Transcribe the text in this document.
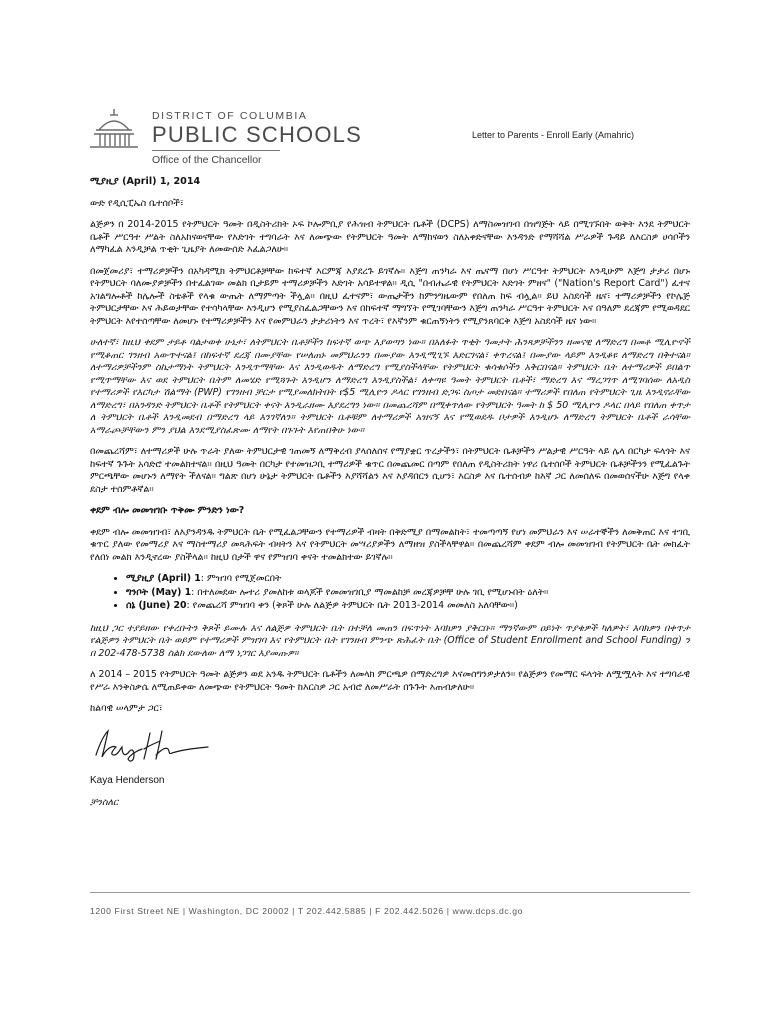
DISTRICT OF COLUMBIA
PUBLIC SCHOOLS
Office of the Chancellor
Letter to Parents - Enroll Early (Amahric)

ሚያዚያ (April) 1, 2014

ውድ የዲሲፒኤስ ቤተሰቦች፣

ልጅዎን በ 2014-2015 የትምህርት ዓመት በዲስትሪክት ኦፍ ኮሎምቢያ የሕዝብ ትምህርት ቤቶች (DCPS) ለማስመዝገብ በዝግጅት ላይ በሚገኙበት ወቅት እንደ ትምህርት ቤቶች ሥርዓተ ሥልት ስለአከናወናቸው የእድገት ተግባራት እና ለመጭው የትምህርት ዓመት ለማከናወን ስለአቀድናቸው እንዳንድ የማሻሻል ሥራዎች ጉዳይ ለእርስዎ ሀሳቦችን ለማካፈል እንዲቻል ጥቂት ጊዜያት ለመውሰድ እፈልጋለሁ።

በመጀመሪያ፣ ተማሪዎቻችን በአካዳሚክ ትምህርቶቻቸው ከፍተኛ እርምጃ እያደረጉ ይገኛሉ። እጅግ ጠንካራ እና ጤናማ በሆነ ሥርዓተ ትምህርት እንዲሁም እጅግ ታታሪ በሆኑ የትምህርት ባለሙያዎቻችን በተፈልገው መልክ ቢታይም ተማሪዎቻችን እድገት አሳይተዋል። ዲሲ "በብሔራዊ የትምህርት እድገት ምዘና" ("Nation's Report Card") ፈተና አገልግሎቶች ከሌሎች ስቴቶች የላቁ ውጤት ለማምጣት ችሏል። በዚህ ፈተናም፣ ውጤታችን ከምንግዜውም የበለጠ ከፍ ብሏል። ይህ አስደሳች ዜና፣ ተማሪዎቻችን የኮሌጅ ትምህርታቸው እና ሕይወታቸው የተሳካላቸው እንዲሆን የሚያስፈልጋቸውን እና በከፍተኛ ማግኘት የሚገባቸውን እጅግ ጠንካራ ሥርዓተ ትምህርት እና በዓለም ደረጃም የሚወዳደር ትምህርት እየተሰጣቸው ለመሆኑ የተማሪዎቻችን እና የመምህራን ታታሪነትን እና ጥረት፣ የእኛንም ቁርጠኝነትን የሚያንጸባርቅ እጅግ አስደሳች ዜና ነው።

ሁለተኛ፣ ከዚህ ቀደም ታይቶ ባልታወቀ ሁኔታ፣ ለትምህርት ቤቶቻችን ከፍተኛ ወጭ እያወጣን ነው። በአለፉት ጥቂት ዓመታት ሕንጻዎቻችንን ዘመናዊ ለማድረግ በመቶ ሚሊዮኖች የሚቆጠር ገንዘብ አውጥተናል፤ በከፍተኛ ደረጃ በሙያቸው የሠለጠኑ መምህራንን በሙያው እንዲሚጊኙ እድርገናል፣ ቀጥረናል፤ በሙያው ላይም እንዲቆዩ ለማድረግ በቅተናል። ለተማሪዎቻችንም ስኬታማነት ትምህርት እንዲጥማቸው እና እንዲወዱት ለማድረግ የሚያስችላቸው የትምህርት ቁሳቁሶችን አቅርበናል። ትምህርት ቤት ለተማሪዎች ይበልጥ የሚጥማቸው እና ወደ ትምህርት ቤትም ለመሄድ የሚጓጉት እንዲሆን ለማድረግ እንዲያስችል፣ ለቀጣዩ ዓመት ትምህርት ቤቶች፣ ማድረግ እና ማረጋገጥ ለሚገባሰው ለአዲስ የተማሪዎች የእርካታ ሽልማት (PWP) የገንዘብ ቻርታ የሚያመለክትበት የ$5 ሚሊዮን ዶላር የገንዘብ ድጋፍ ስጦታ መድበናል። ተማሪዎች የበለጠ የትምህርት ጊዜ እንዲኖራቸው ለማድረግ፣ በአንዳንድ ትምህርት ቤቶች የትምህርት ቀናት እንዲራዘሙ እያደረግን ነው። በመጨረሻም በሚቀጥለው የትምህርት ዓመት ከ $ 50 ሚሊዮን ዶላር በላይ የበለጠ ቀጥታ ለ ትምህርት ቤቶች እንዲመደብ በማድረግ ላይ እንገኛለን። ትምህርት ቤቶቹም ለተማሪዎች አዝናኝ እና የሚወደዱ ቦታዎች እንዲሆኑ ለማድረግ ትምህርት ቤቶች ራሳቸው አማራጮቻቸውን ምን ያህል እንደሚያስፈጽሙ ለማየት በጉጉት እየጠበቅሁ ነው።

በመጨረሻም፣ ለተማሪዎች ሁሉ ጥራት ያለው ትምህርታዊ ገጠመኝ ለማቅረብ ያላሰለሰና የማያቋር ጥረታችን፣ በትምህርት ቤቶቻችን ሥልታዊ ሥርዓት ላይ ሌላ በርካታ ፍላጎት እና ከፍተኛ ጉጉት አሳድሮ ተመልክተናል። በዚህ ዓመት በርካታ የተመዝጋቢ ተማሪዎች ቁጥር በመጨመር በጣም የበለጠ የዲስትሪክት ነዋሪ ቤተሰቦች ትምህርት ቤቶቻችንን የሚፈልጉት ምርጫቸው መሆኑን ለማየት ችለናል። ግልጽ በሆነ ሁኔታ ትምህርት ቤቶችን እያሻሻልን እና እያዳበርን ሲሆን፣ እርስዎ እና ቤተሰብዎ ከእኛ ጋር ለመሰለፍ በመወሰናችሁ እጅግ የላቀ ደስታ ተሰምቶኛል።

ቀደም ብሎ መመዝገቡ ጥቅሙ ምንድን ነው?

ቀደም ብሎ መመዝገብ፣ ለእያንዳንዱ ትምህርት ቤት የሚፈልጋቸውን የተማሪዎች ብዛት በቅድሚያ በማመልከት፣ ተመጣጣኝ የሆነ መምህራን እና ሠራተኞችን ለመቅጠር እና ተገቢ ቁጥር ያለው የመማሪያ እና ማስተማሪያ መጻሕፍት ብዛትን እና የትምህርት መሣሪያዎችን ለማዘዝ ያስችላቸዋል። በመጨረሻም ቀደም ብሎ መመዝገብ የትምህርት ቤት መክፈት የለበነ መልክ እንዲኖረው ያስችላል። ከዚህ በታች ዋና የምዝገባ ቀናት ተመልክተው ይገኛሉ።

• ሚያዚያ (April) 1: ምዝገባ የሚጀመርበት
• ግንቦት (May) 1: በተለመደው ሎተሪ ያመለከቱ ወላጆች የመመዝገቢያ ማመልከቻ መረጃዎቻቸ ሁሉ ገቢ የሚሆኑበት ዕለት።
• ሰኔ (June) 20: የመጨረሻ ምዝገባ ቀን (ቅጾች ሁሉ ለልጅዎ ትምህርት ቤት 2013-2014 መመለስ አለባቸው።)

ከዚህ ጋር ተያይዘው የቀረቡትን ቅጾች ይሙሉ እና ለልጅዎ ትምህርት ቤት በተቻለ መጠን በፍጥነት እባክዎን ያቅርቡ። ማንኛውም ዐይነት ጥያቄዎች ካለዎት፣ እባክዎን በቀጥታ የልጅዎን ትምህርት ቤት ወይም የተማሪዎች ምዝገባ እና የትምህርት ቤት የገንዘብ ምንጭ ጽሕፈት ቤት (Office of Student Enrollment and School Funding) ን በ 202-478-5738 ስልክ ደውለው ለማ ነጋገር እያመጡዎ።

ለ 2014 – 2015 የትምህርት ዓመት ልጅዎን ወደ አንዱ ትምህርት ቤቶችን ለመላክ ምርጫዎ በማድረግዎ እናመሰግንዎታለን። የልጅዎን የመማር ፍላጎት ለሟሟላት እና ተግባራዊ የሥራ እንቅስቃሴ ለሚጠይቀው ለመጭው የትምህርት ዓመት ከእርስዎ ጋር አብሮ ለመሥራት በጉጉት እጠብቃለሁ።

ከልባዊ ሠላምታ ጋር፣

Kaya Henderson

ቻንስለር

1200 First Street NE | Washington, DC 20002 | T 202.442.5885 | F 202.442.5026 | www.dcps.dc.go
